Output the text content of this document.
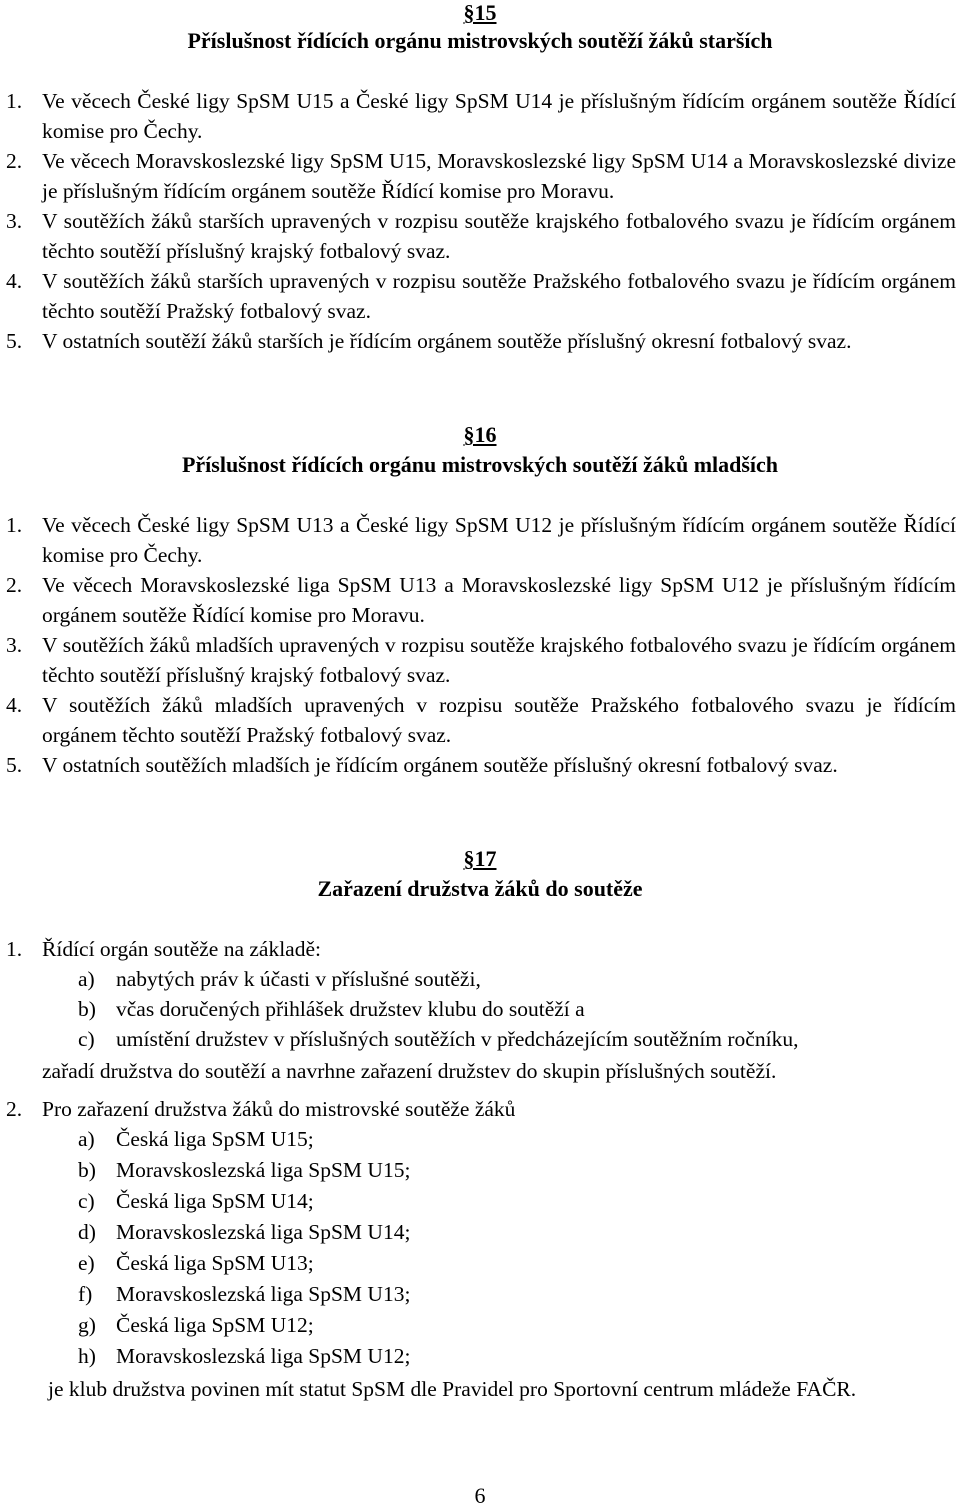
§15
Příslušnost řídících orgánu mistrovských soutěží žáků starších
1. Ve věcech České ligy SpSM U15 a České ligy SpSM U14 je příslušným řídícím orgánem soutěže Řídící komise pro Čechy.
2. Ve věcech Moravskoslezské ligy SpSM U15, Moravskoslezské ligy SpSM U14 a Moravskoslezské divize je příslušným řídícím orgánem soutěže Řídící komise pro Moravu.
3. V soutěžích žáků starších upravených v rozpisu soutěže krajského fotbalového svazu je řídícím orgánem těchto soutěží příslušný krajský fotbalový svaz.
4. V soutěžích žáků starších upravených v rozpisu soutěže Pražského fotbalového svazu je řídícím orgánem těchto soutěží Pražský fotbalový svaz.
5. V ostatních soutěží žáků starších je řídícím orgánem soutěže příslušný okresní fotbalový svaz.
§16
Příslušnost řídících orgánu mistrovských soutěží žáků mladších
1. Ve věcech České ligy SpSM U13 a České ligy SpSM U12 je příslušným řídícím orgánem soutěže Řídící komise pro Čechy.
2. Ve věcech Moravskoslezské liga SpSM U13 a Moravskoslezské ligy SpSM U12 je příslušným řídícím orgánem soutěže Řídící komise pro Moravu.
3. V soutěžích žáků mladších upravených v rozpisu soutěže krajského fotbalového svazu je řídícím orgánem těchto soutěží příslušný krajský fotbalový svaz.
4. V soutěžích žáků mladších upravených v rozpisu soutěže Pražského fotbalového svazu je řídícím orgánem těchto soutěží Pražský fotbalový svaz.
5. V ostatních soutěžích mladších je řídícím orgánem soutěže příslušný okresní fotbalový svaz.
§17
Zařazení družstva žáků do soutěže
1. Řídící orgán soutěže na základě:
a) nabytých práv k účasti v příslušné soutěži,
b) včas doručených přihlášek družstev klubu do soutěží a
c) umístění družstev v příslušných soutěžích v předcházejícím soutěžním ročníku,
zařadí družstva do soutěží a navrhne zařazení družstev do skupin příslušných soutěží.
2. Pro zařazení družstva žáků do mistrovské soutěže žáků
a) Česká liga SpSM U15;
b) Moravskoslezská liga SpSM U15;
c) Česká liga SpSM U14;
d) Moravskoslezská liga SpSM U14;
e) Česká liga SpSM U13;
f) Moravskoslezská liga SpSM U13;
g) Česká liga SpSM U12;
h) Moravskoslezská liga SpSM U12;
je klub družstva povinen mít statut SpSM dle Pravidel pro Sportovní centrum mládeže FAČR.
6
